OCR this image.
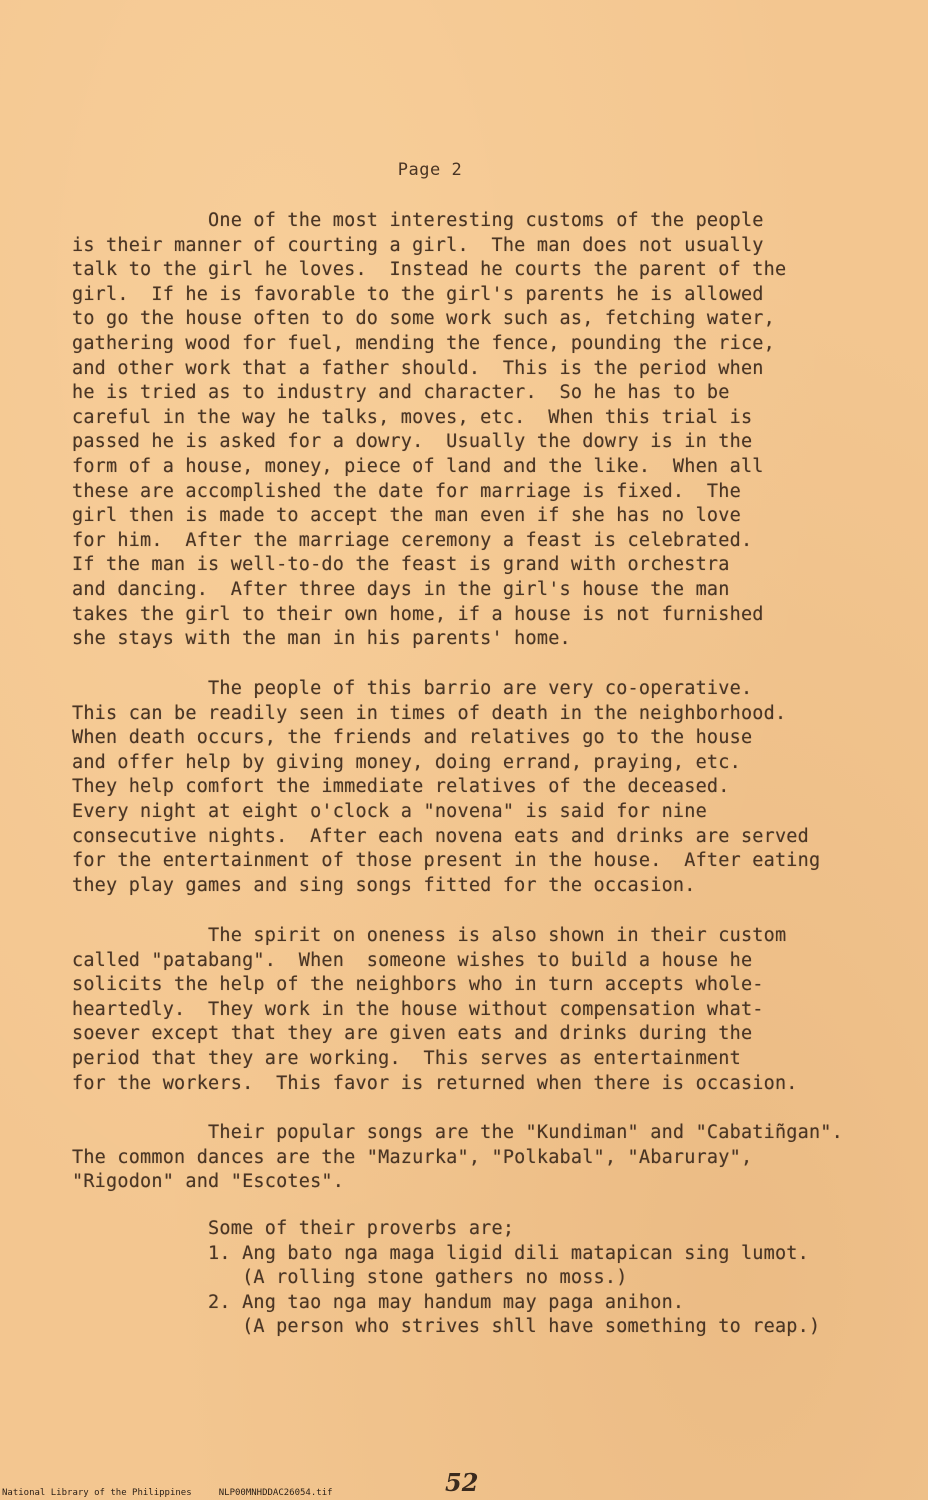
Page 2
One of the most interesting customs of the people
is their manner of courting a girl.  The man does not usually
talk to the girl he loves.  Instead he courts the parent of the
girl.  If he is favorable to the girl's parents he is allowed
to go the house often to do some work such as, fetching water,
gathering wood for fuel, mending the fence, pounding the rice,
and other work that a father should.  This is the period when
he is tried as to industry and character.  So he has to be
careful in the way he talks, moves, etc.  When this trial is
passed he is asked for a dowry.  Usually the dowry is in the
form of a house, money, piece of land and the like.  When all
these are accomplished the date for marriage is fixed.  The
girl then is made to accept the man even if she has no love
for him.  After the marriage ceremony a feast is celebrated.
If the man is well-to-do the feast is grand with orchestra
and dancing.  After three days in the girl's house the man
takes the girl to their own home, if a house is not furnished
she stays with the man in his parents' home.
The people of this barrio are very co-operative.
This can be readily seen in times of death in the neighborhood.
When death occurs, the friends and relatives go to the house
and offer help by giving money, doing errand, praying, etc.
They help comfort the immediate relatives of the deceased.
Every night at eight o'clock a "novena" is said for nine
consecutive nights.  After each novena eats and drinks are served
for the entertainment of those present in the house.  After eating
they play games and sing songs fitted for the occasion.
The spirit on oneness is also shown in their custom
called "patabang".  When  someone wishes to build a house he
solicits the help of the neighbors who in turn accepts whole-
heartedly.  They work in the house without compensation what-
soever except that they are given eats and drinks during the
period that they are working.  This serves as entertainment
for the workers.  This favor is returned when there is occasion.
Their popular songs are the "Kundiman" and "Cabatiñgan".
The common dances are the "Mazurka", "Polkabal", "Abaruray",
"Rigodon" and "Escotes".
Some of their proverbs are;
1. Ang bato nga maga ligid dili matapican sing lumot.
(A rolling stone gathers no moss.)
2. Ang tao nga may handum may paga anihon.
(A person who strives shll have something to reap.)
52
National Library of the Philippines     NLP00MNHDDAC26054.tif
